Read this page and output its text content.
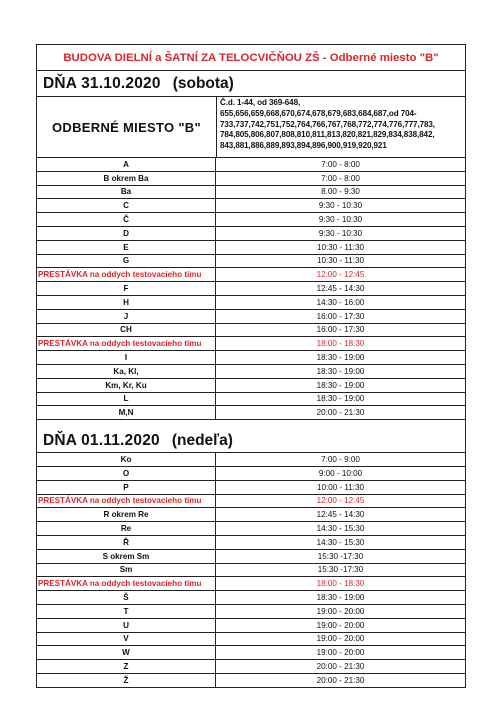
BUDOVA DIELNÍ a ŠATNÍ ZA TELOCVIČŇOU ZŠ - Odberné miesto "B"
DŇA 31.10.2020 (sobota)
ODBERNÉ MIESTO "B"
Č.d. 1-44, od 369-648,
655,656,659,668,670,674,678,679,683,684,687,od 704-
733,737,742,751,752,764,766,767,768,772,774,776,777,783,
784,805,806,807,808,810,811,813,820,821,829,834,838,842,
843,881,886,889,893,894,896,900,919,920,921
A	7:00 - 8:00
B okrem Ba	7:00 - 8:00
Ba	8.00 - 9:30
C	9:30 - 10:30
Č	9:30 - 10:30
D	9:30 - 10:30
E	10:30 - 11:30
G	10:30 - 11:30
PRESTÁVKA na oddych testovacieho tímu	12:00 - 12:45
F	12:45 - 14:30
H	14:30 - 16:00
J	16:00 - 17:30
CH	16:00 - 17:30
PRESTÁVKA na oddych testovacieho tímu	18:00 - 18:30
I	18:30 - 19:00
Ka, Kl,	18:30 - 19:00
Km, Kr, Ku	18:30 - 19:00
L	18:30 - 19:00
M,N	20:00 - 21:30
DŇA 01.11.2020 (nedeľa)
Ko	7:00 - 9:00
O	9:00 - 10:00
P	10:00 - 11:30
PRESTÁVKA na oddych testovacieho tímu	12:00 - 12:45
R okrem Re	12:45 - 14:30
Re	14:30 - 15:30
Ř	14:30 - 15:30
S okrem Sm	15:30 -17:30
Sm	15:30 -17:30
PRESTÁVKA na oddych testovacieho tímu	18:00 - 18:30
Š	18:30 - 19:00
T	19:00 - 20:00
U	19:00 - 20:00
V	19:00 - 20:00
W	19:00 - 20:00
Z	20:00 - 21:30
Ž	20:00 - 21:30
